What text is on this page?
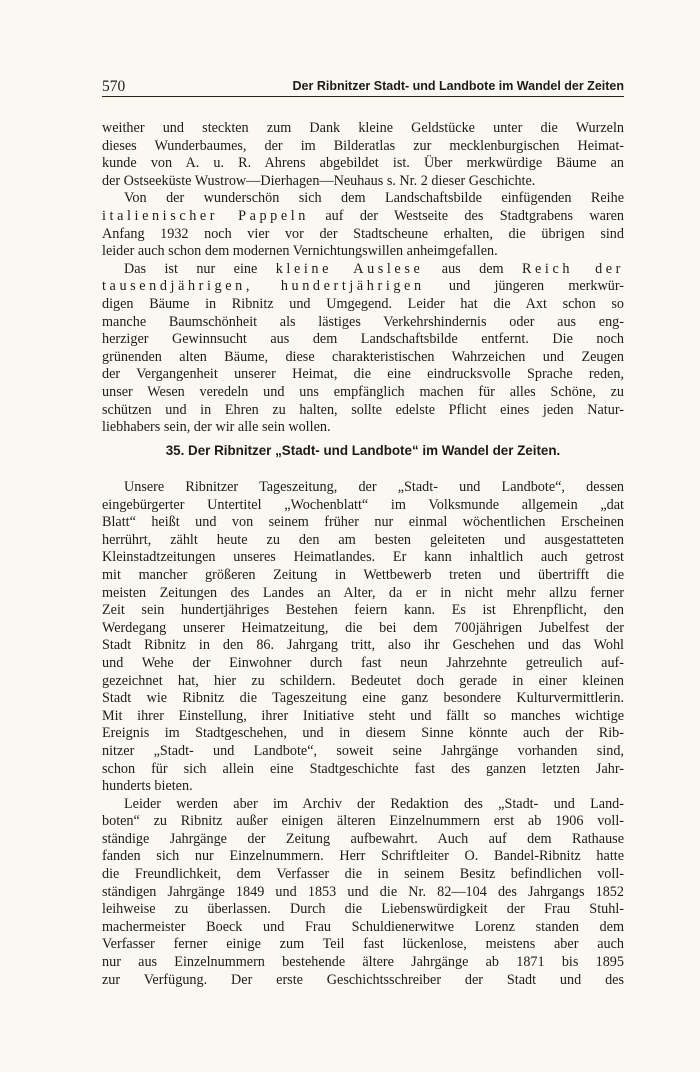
570	Der Ribnitzer Stadt- und Landbote im Wandel der Zeiten
weither und steckten zum Dank kleine Geldstücke unter die Wurzeln
dieses Wunderbaumes, der im Bilderatlas zur mecklenburgischen Heimat-
kunde von A. u. R. Ahrens abgebildet ist. Über merkwürdige Bäume an
der Ostseeküste Wustrow—Dierhagen—Neuhaus s. Nr. 2 dieser Geschichte.
Von der wunderschön sich dem Landschaftsbilde einfügenden Reihe
italienischer Pappeln auf der Westseite des Stadtgrabens waren
Anfang 1932 noch vier vor der Stadtscheune erhalten, die übrigen sind
leider auch schon dem modernen Vernichtungswillen anheimgefallen.
Das ist nur eine kleine Auslese aus dem Reich der
tausendjährigen, hundertjährigen und jüngeren merkwür-
digen Bäume in Ribnitz und Umgegend. Leider hat die Axt schon so
manche Baumschönheit als lästiges Verkehrshindernis oder aus eng-
herziger Gewinnsucht aus dem Landschaftsbilde entfernt. Die noch
grünenden alten Bäume, diese charakteristischen Wahrzeichen und Zeugen
der Vergangenheit unserer Heimat, die eine eindrucksvolle Sprache reden,
unser Wesen veredeln und uns empfänglich machen für alles Schöne, zu
schützen und in Ehren zu halten, sollte edelste Pflicht eines jeden Natur-
liebhabers sein, der wir alle sein wollen.
35. Der Ribnitzer „Stadt- und Landbote“ im Wandel der Zeiten.
Unsere Ribnitzer Tageszeitung, der „Stadt- und Landbote“, dessen
eingebürgerter Untertitel „Wochenblatt“ im Volksmunde allgemein „dat
Blatt“ heißt und von seinem früher nur einmal wöchentlichen Erscheinen
herrührt, zählt heute zu den am besten geleiteten und ausgestatteten
Kleinstadtzeitungen unseres Heimatlandes. Er kann inhaltlich auch getrost
mit mancher größeren Zeitung in Wettbewerb treten und übertrifft die
meisten Zeitungen des Landes an Alter, da er in nicht mehr allzu ferner
Zeit sein hundertjähriges Bestehen feiern kann. Es ist Ehrenpflicht, den
Werdegang unserer Heimatzeitung, die bei dem 700jährigen Jubelfest der
Stadt Ribnitz in den 86. Jahrgang tritt, also ihr Geschehen und das Wohl
und Wehe der Einwohner durch fast neun Jahrzehnte getreulich auf-
gezeichnet hat, hier zu schildern. Bedeutet doch gerade in einer kleinen
Stadt wie Ribnitz die Tageszeitung eine ganz besondere Kulturvermittlerin.
Mit ihrer Einstellung, ihrer Initiative steht und fällt so manches wichtige
Ereignis im Stadtgeschehen, und in diesem Sinne könnte auch der Rib-
nitzer „Stadt- und Landbote“, soweit seine Jahrgänge vorhanden sind,
schon für sich allein eine Stadtgeschichte fast des ganzen letzten Jahr-
hunderts bieten.
Leider werden aber im Archiv der Redaktion des „Stadt- und Land-
boten“ zu Ribnitz außer einigen älteren Einzelnummern erst ab 1906 voll-
ständige Jahrgänge der Zeitung aufbewahrt. Auch auf dem Rathause
fanden sich nur Einzelnummern. Herr Schriftleiter O. Bandel-Ribnitz hatte
die Freundlichkeit, dem Verfasser die in seinem Besitz befindlichen voll-
ständigen Jahrgänge 1849 und 1853 und die Nr. 82—104 des Jahrgangs 1852
leihweise zu überlassen. Durch die Liebenswürdigkeit der Frau Stuhl-
machermeister Boeck und Frau Schuldienerwitwe Lorenz standen dem
Verfasser ferner einige zum Teil fast lückenlose, meistens aber auch
nur aus Einzelnummern bestehende ältere Jahrgänge ab 1871 bis 1895
zur Verfügung. Der erste Geschichtsschreiber der Stadt und des
